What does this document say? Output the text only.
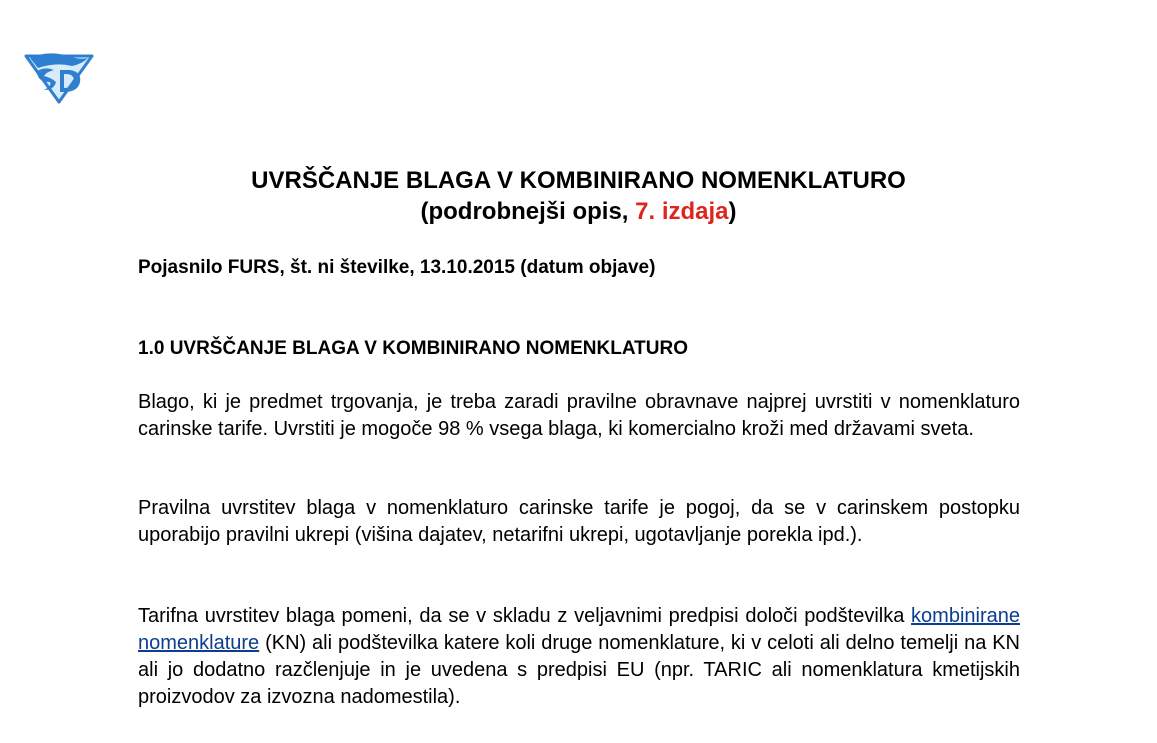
UVRŠČANJE BLAGA V KOMBINIRANO NOMENKLATURO
(podrobnejši opis, 7. izdaja)
Pojasnilo FURS, št. ni številke, 13.10.2015 (datum objave)
1.0 UVRŠČANJE BLAGA V KOMBINIRANO NOMENKLATURO

Blago, ki je predmet trgovanja, je treba zaradi pravilne obravnave najprej uvrstiti v nomenklaturo carinske tarife. Uvrstiti je mogoče 98 % vsega blaga, ki komercialno kroži med državami sveta.

Pravilna uvrstitev blaga v nomenklaturo carinske tarife je pogoj, da se v carinskem postopku uporabijo pravilni ukrepi (višina dajatev, netarifni ukrepi, ugotavljanje porekla ipd.).

Tarifna uvrstitev blaga pomeni, da se v skladu z veljavnimi predpisi določi podštevilka kombinirane nomenklature (KN) ali podštevilka katere koli druge nomenklature, ki v celoti ali delno temelji na KN ali jo dodatno razčlenjuje in je uvedena s predpisi EU (npr. TARIC ali nomenklatura kmetijskih proizvodov za izvozna nadomestila).
